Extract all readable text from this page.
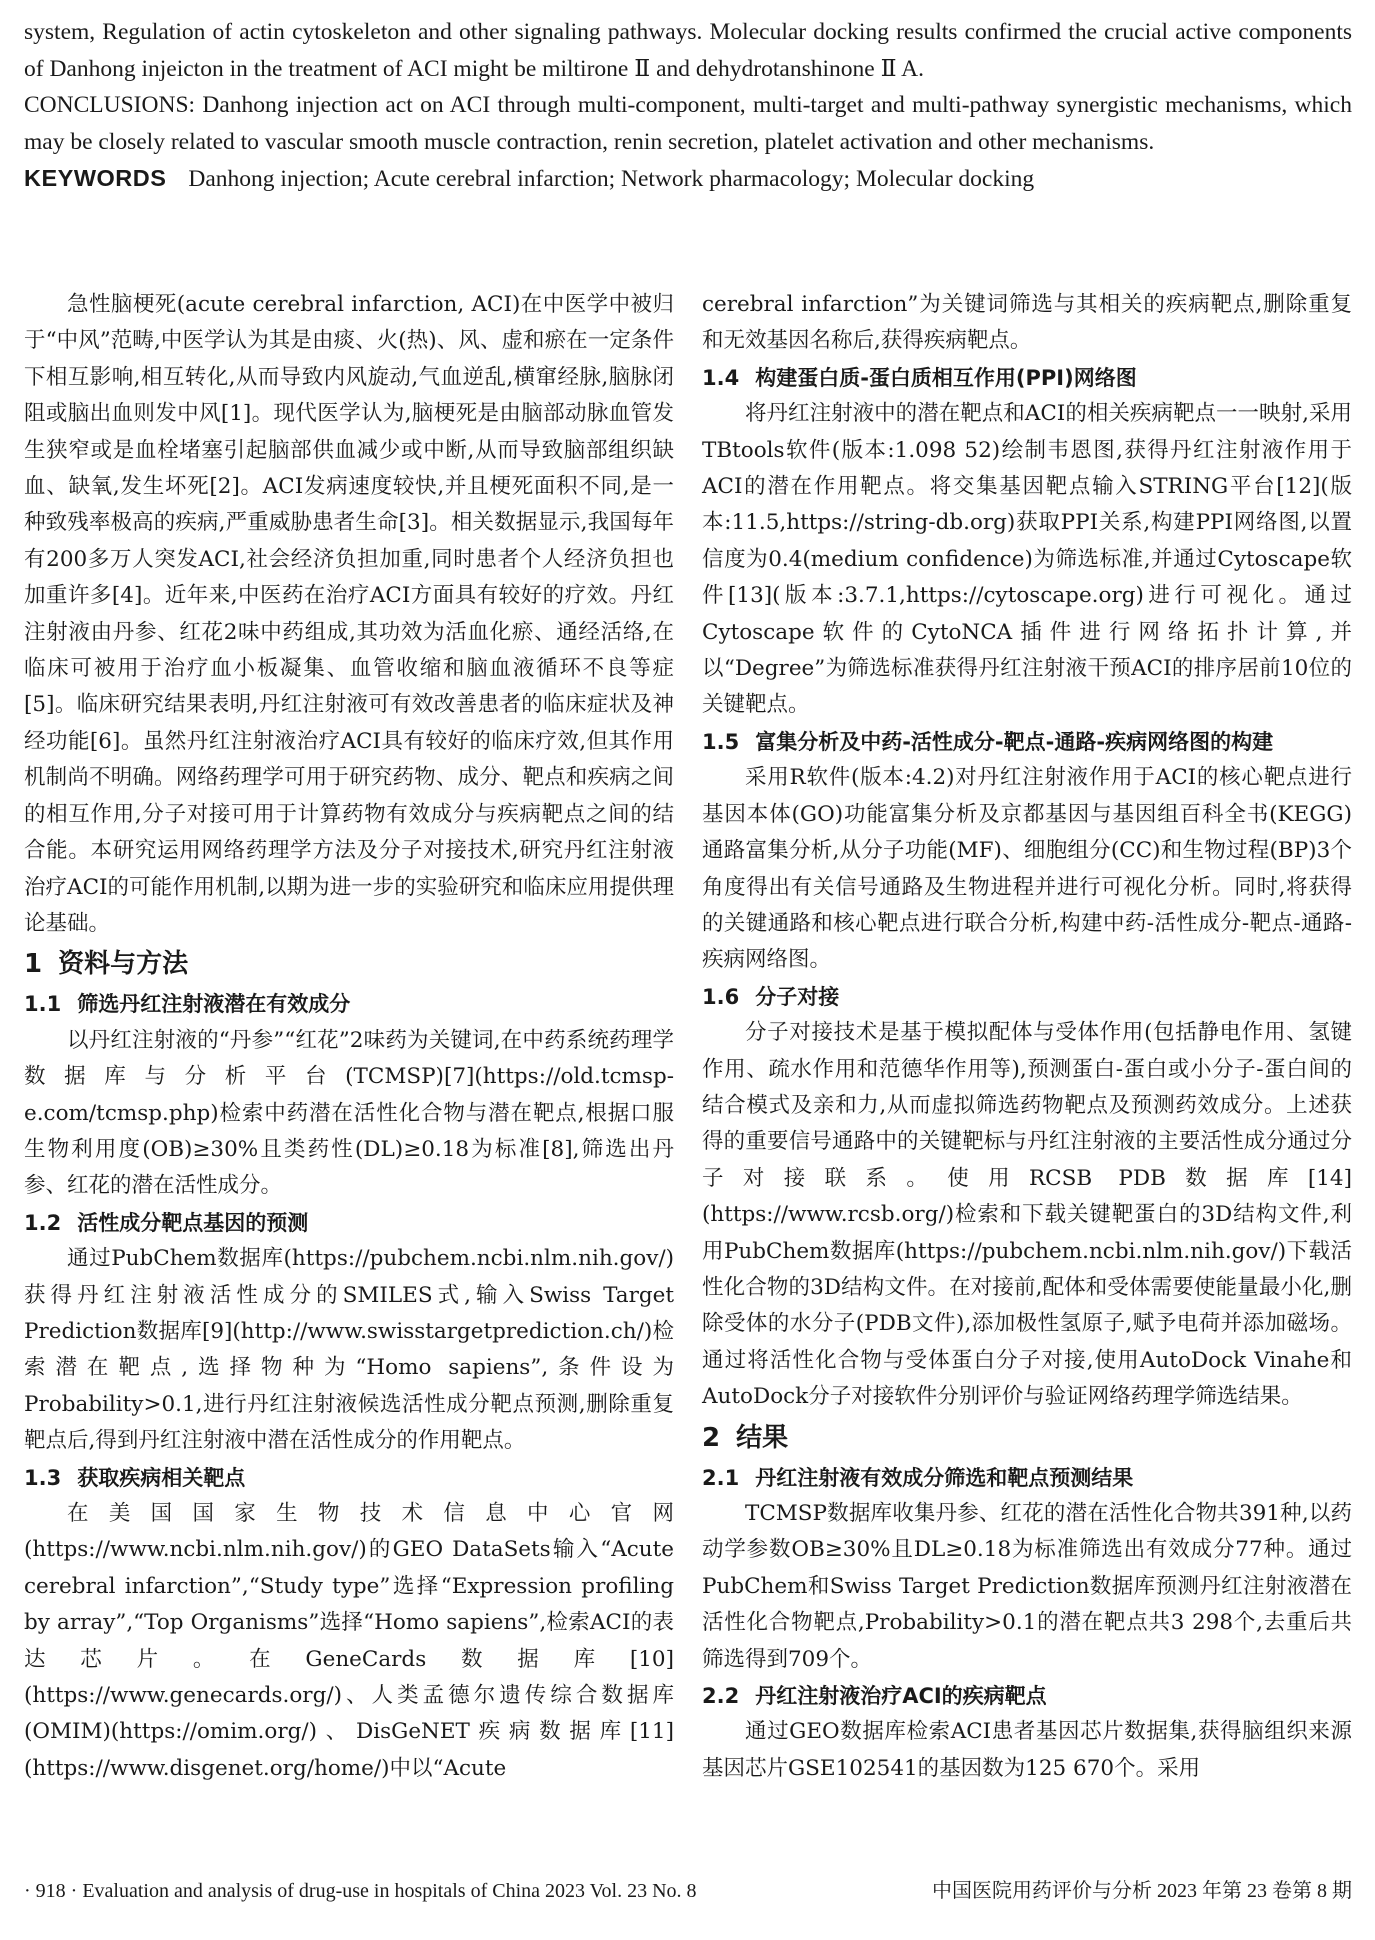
system, Regulation of actin cytoskeleton and other signaling pathways. Molecular docking results confirmed the crucial active components of Danhong injeicton in the treatment of ACI might be miltirone Ⅱ and dehydrotanshinone Ⅱ A.

CONCLUSIONS: Danhong injection act on ACI through multi-component, multi-target and multi-pathway synergistic mechanisms, which may be closely related to vascular smooth muscle contraction, renin secretion, platelet activation and other mechanisms.

KEYWORDS Danhong injection; Acute cerebral infarction; Network pharmacology; Molecular docking

急性脑梗死(acute cerebral infarction, ACI)在中医学中被归于“中风”范畴,中医学认为其是由痰、火(热)、风、虚和瘀在一定条件下相互影响,相互转化,从而导致内风旋动,气血逆乱,横窜经脉,脑脉闭阻或脑出血则发中风[1]。现代医学认为,脑梗死是由脑部动脉血管发生狭窄或是血栓堵塞引起脑部供血减少或中断,从而导致脑部组织缺血、缺氧,发生坏死[2]。ACI发病速度较快,并且梗死面积不同,是一种致残率极高的疾病,严重威胁患者生命[3]。相关数据显示,我国每年有200多万人突发ACI,社会经济负担加重,同时患者个人经济负担也加重许多[4]。近年来,中医药在治疗ACI方面具有较好的疗效。丹红注射液由丹参、红花2味中药组成,其功效为活血化瘀、通经活络,在临床可被用于治疗血小板凝集、血管收缩和脑血液循环不良等症[5]。临床研究结果表明,丹红注射液可有效改善患者的临床症状及神经功能[6]。虽然丹红注射液治疗ACI具有较好的临床疗效,但其作用机制尚不明确。网络药理学可用于研究药物、成分、靶点和疾病之间的相互作用,分子对接可用于计算药物有效成分与疾病靶点之间的结合能。本研究运用网络药理学方法及分子对接技术,研究丹红注射液治疗ACI的可能作用机制,以期为进一步的实验研究和临床应用提供理论基础。

1 资料与方法
1.1 筛选丹红注射液潜在有效成分

以丹红注射液的“丹参”“红花”2味药为关键词,在中药系统药理学数据库与分析平台(TCMSP)[7](https://old.tcmsp-e.com/tcmsp.php)检索中药潜在活性化合物与潜在靶点,根据口服生物利用度(OB)≥30%且类药性(DL)≥0.18为标准[8],筛选出丹参、红花的潜在活性成分。

1.2 活性成分靶点基因的预测

通过PubChem数据库(https://pubchem.ncbi.nlm.nih.gov/)获得丹红注射液活性成分的SMILES式,输入Swiss Target Prediction数据库[9](http://www.swisstargetprediction.ch/)检索潜在靶点,选择物种为“Homo sapiens”,条件设为Probability>0.1,进行丹红注射液候选活性成分靶点预测,删除重复靶点后,得到丹红注射液中潜在活性成分的作用靶点。

1.3 获取疾病相关靶点

在美国国家生物技术信息中心官网(https://www.ncbi.nlm.nih.gov/)的GEO DataSets输入“Acute cerebral infarction”,“Study type”选择“Expression profiling by array”,“Top Organisms”选择“Homo sapiens”,检索ACI的表达芯片。在GeneCards数据库[10](https://www.genecards.org/)、人类孟德尔遗传综合数据库(OMIM)(https://omim.org/)、DisGeNET疾病数据库[11](https://www.disgenet.org/home/)中以“Acute

cerebral infarction”为关键词筛选与其相关的疾病靶点,删除重复和无效基因名称后,获得疾病靶点。

1.4 构建蛋白质-蛋白质相互作用(PPI)网络图

将丹红注射液中的潜在靶点和ACI的相关疾病靶点一一映射,采用TBtools软件(版本:1.098 52)绘制韦恩图,获得丹红注射液作用于ACI的潜在作用靶点。将交集基因靶点输入STRING平台[12](版本:11.5,https://string-db.org)获取PPI关系,构建PPI网络图,以置信度为0.4(medium confidence)为筛选标准,并通过Cytoscape软件[13](版本:3.7.1,https://cytoscape.org)进行可视化。通过Cytoscape软件的CytoNCA插件进行网络拓扑计算,并以“Degree”为筛选标准获得丹红注射液干预ACI的排序居前10位的关键靶点。

1.5 富集分析及中药-活性成分-靶点-通路-疾病网络图的构建

采用R软件(版本:4.2)对丹红注射液作用于ACI的核心靶点进行基因本体(GO)功能富集分析及京都基因与基因组百科全书(KEGG)通路富集分析,从分子功能(MF)、细胞组分(CC)和生物过程(BP)3个角度得出有关信号通路及生物进程并进行可视化分析。同时,将获得的关键通路和核心靶点进行联合分析,构建中药-活性成分-靶点-通路-疾病网络图。

1.6 分子对接

分子对接技术是基于模拟配体与受体作用(包括静电作用、氢键作用、疏水作用和范德华作用等),预测蛋白-蛋白或小分子-蛋白间的结合模式及亲和力,从而虚拟筛选药物靶点及预测药效成分。上述获得的重要信号通路中的关键靶标与丹红注射液的主要活性成分通过分子对接联系。使用RCSB PDB数据库[14](https://www.rcsb.org/)检索和下载关键靶蛋白的3D结构文件,利用PubChem数据库(https://pubchem.ncbi.nlm.nih.gov/)下载活性化合物的3D结构文件。在对接前,配体和受体需要使能量最小化,删除受体的水分子(PDB文件),添加极性氢原子,赋予电荷并添加磁场。通过将活性化合物与受体蛋白分子对接,使用AutoDock Vinahe和AutoDock分子对接软件分别评价与验证网络药理学筛选结果。

2 结果
2.1 丹红注射液有效成分筛选和靶点预测结果

TCMSP数据库收集丹参、红花的潜在活性化合物共391种,以药动学参数OB≥30%且DL≥0.18为标准筛选出有效成分77种。通过PubChem和Swiss Target Prediction数据库预测丹红注射液潜在活性化合物靶点,Probability>0.1的潜在靶点共3 298个,去重后共筛选得到709个。

2.2 丹红注射液治疗ACI的疾病靶点

通过GEO数据库检索ACI患者基因芯片数据集,获得脑组织来源基因芯片GSE102541的基因数为125 670个。采用

· 918 · Evaluation and analysis of drug-use in hospitals of China 2023 Vol. 23 No. 8	中国医院用药评价与分析 2023 年第 23 卷第 8 期
